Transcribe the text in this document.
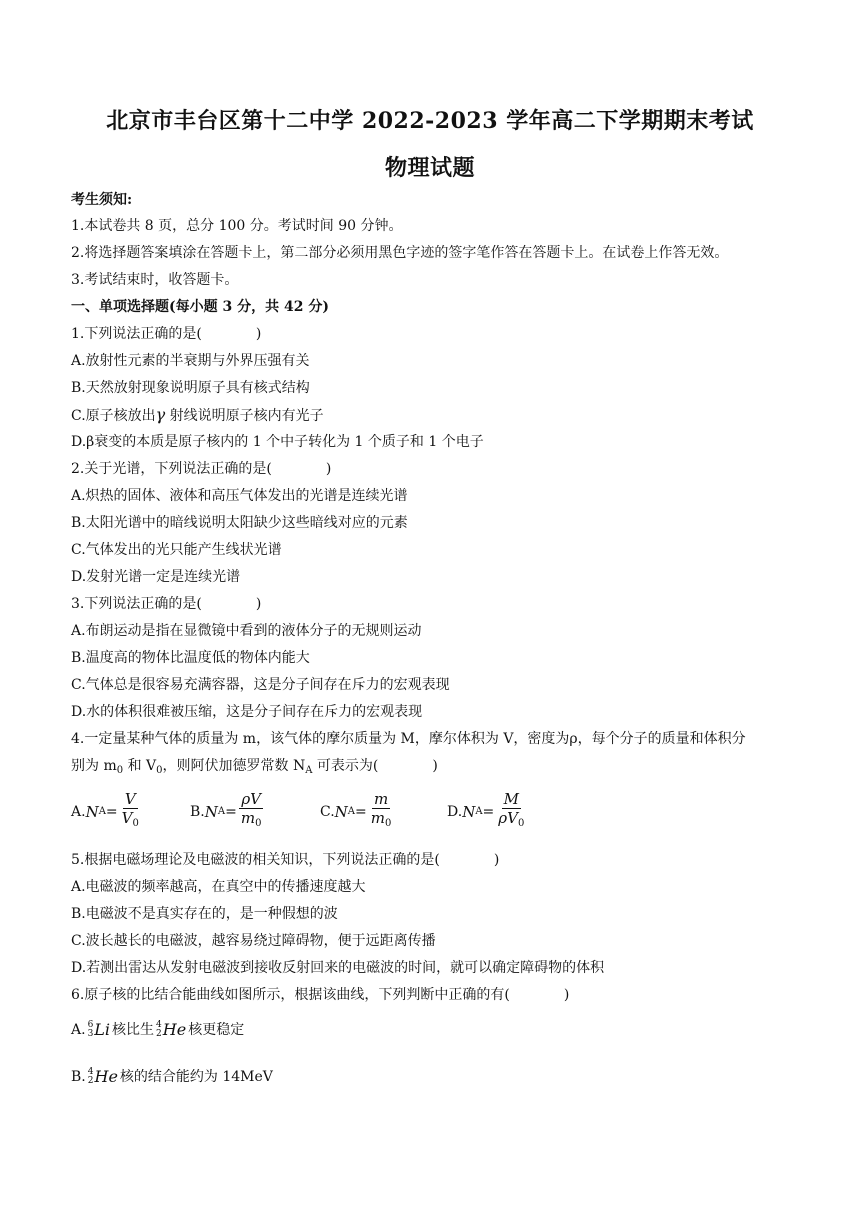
北京市丰台区第十二中学 2022-2023 学年高二下学期期末考试
物理试题
考生须知:
1.本试卷共 8 页，总分 100 分。考试时间 90 分钟。
2.将选择题答案填涂在答题卡上，第二部分必须用黑色字迹的签字笔作答在答题卡上。在试卷上作答无效。
3.考试结束时，收答题卡。
一、单项选择题(每小题 3 分，共 42 分)
1.下列说法正确的是(	)
A.放射性元素的半衰期与外界压强有关
B.天然放射现象说明原子具有核式结构
C.原子核放出γ 射线说明原子核内有光子
D.β衰变的本质是原子核内的 1 个中子转化为 1 个质子和 1 个电子
2.关于光谱，下列说法正确的是(	)
A.炽热的固体、液体和高压气体发出的光谱是连续光谱
B.太阳光谱中的暗线说明太阳缺少这些暗线对应的元素
C.气体发出的光只能产生线状光谱
D.发射光谱一定是连续光谱
3.下列说法正确的是(	)
A.布朗运动是指在显微镜中看到的液体分子的无规则运动
B.温度高的物体比温度低的物体内能大
C.气体总是很容易充满容器，这是分子间存在斥力的宏观表现
D.水的体积很难被压缩，这是分子间存在斥力的宏观表现
4.一定量某种气体的质量为 m，该气体的摩尔质量为 M，摩尔体积为 V，密度为ρ，每个分子的质量和体积分
别为 $m_0$ 和 $V_0$，则阿伏加德罗常数 $N_A$ 可表示为(	)
A. N $A = \frac{V}{V_0}$	B. N $A = \frac{\rho V}{m_0}$	C. N $A = \frac{m}{m_0}$	D. N $A = \frac{M}{\rho V_0}$
5.根据电磁场理论及电磁波的相关知识，下列说法正确的是(	)
A.电磁波的频率越高，在真空中的传播速度越大
B.电磁波不是真实存在的，是一种假想的波
C.波长越长的电磁波，越容易绕过障碍物，便于远距离传播
D.若测出雷达从发射电磁波到接收反射回来的电磁波的时间，就可以确定障碍物的体积
6.原子核的比结合能曲线如图所示，根据该曲线，下列判断中正确的有(	)
A. 6
3 Li 核比生 4
2 He 核更稳定
B. 4
2 He 核的结合能约为 14MeV
